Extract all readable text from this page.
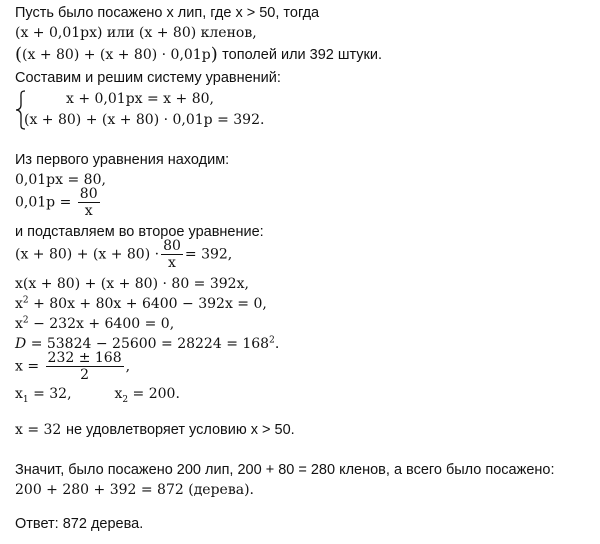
Пусть было посажено x лип, где x > 50, тогда
(x + 0,01px) или (x + 80) кленов,
((x + 80) + (x + 80) · 0,01p) тополей или 392 штуки.
Составим и решим систему уравнений:
x + 0,01px = x + 80,
(x + 80) + (x + 80) · 0,01p = 392.
Из первого уравнения находим:
0,01px = 80,
$0,01p = \frac{80}{x}$
и подставляем во второе уравнение:
$(x + 80) + (x + 80) \cdot \frac{80}{x} = 392$,
x(x + 80) + (x + 80) · 80 = 392x,
$x^2 + 80x + 80x + 6400 - 392x = 0$,
$x^2 - 232x + 6400 = 0$,
$D = 53824 - 25600 = 28224 = 168^2$.
$x = \frac{232 \pm 168}{2}$ ,
$x_1 = 32$,	$x_2 = 200$.
x = 32 не удовлетворяет условию x > 50.
Значит, было посажено 200 лип, 200 + 80 = 280 кленов, а всего было посажено:
200 + 280 + 392 = 872 (дерева).
Ответ: 872 дерева.
